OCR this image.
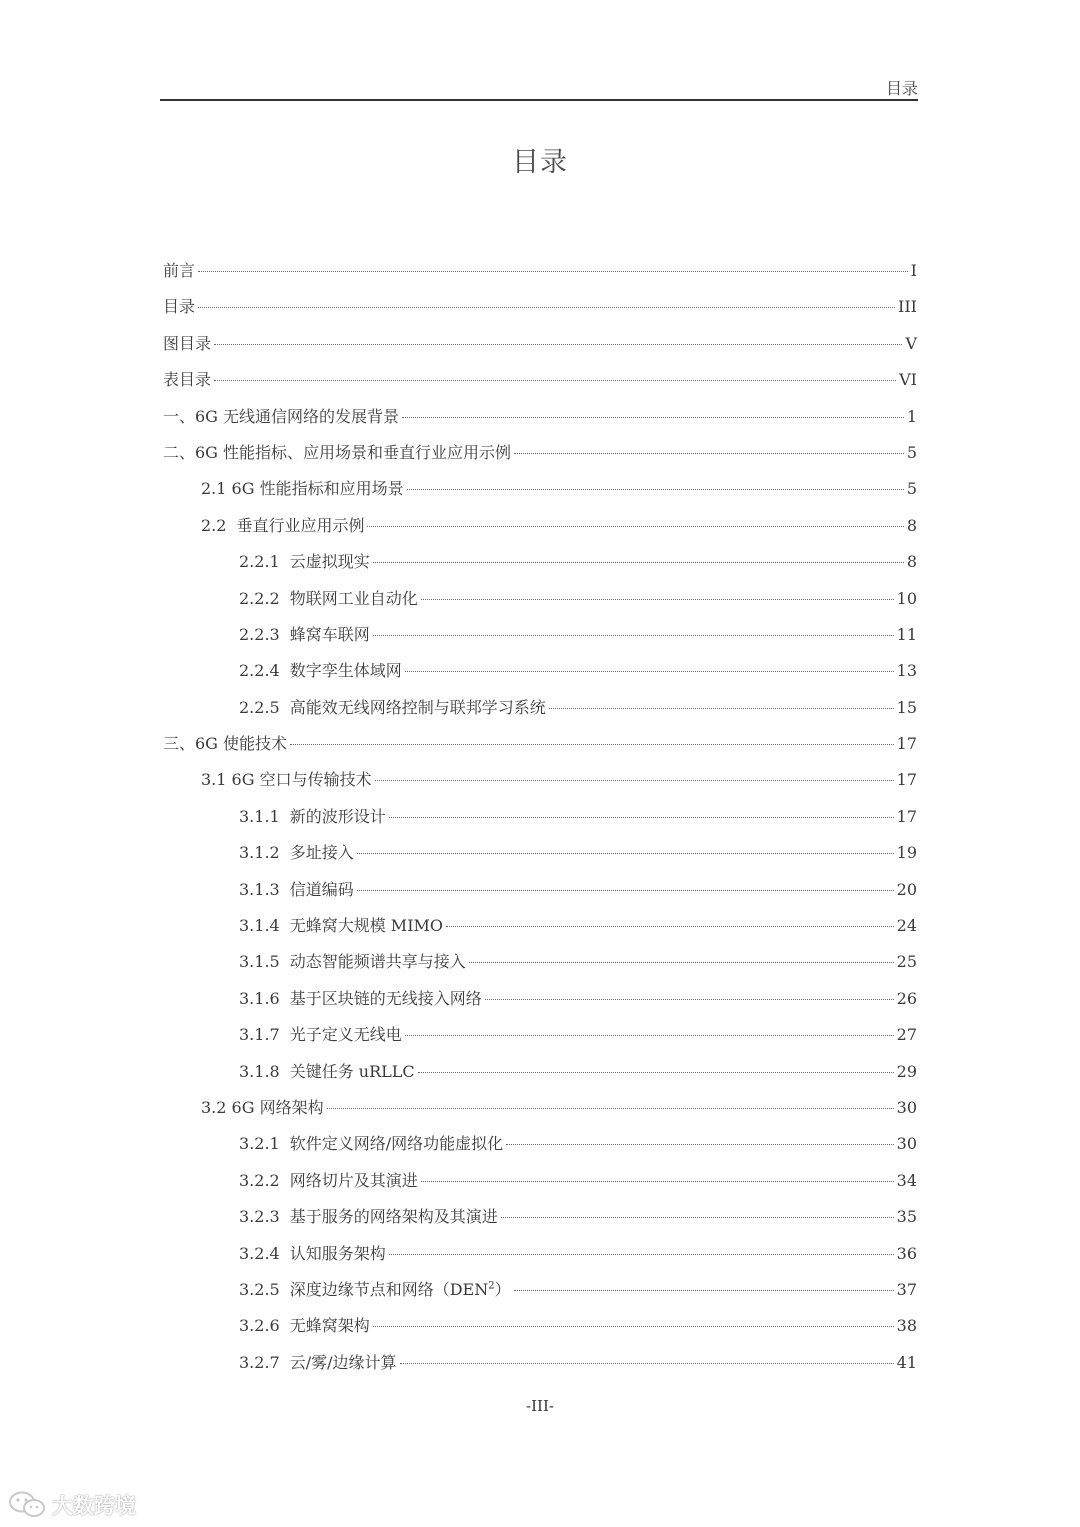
目录
目录
前言	I
目录	III
图目录	V
表目录	VI
一、6G 无线通信网络的发展背景	1
二、6G 性能指标、应用场景和垂直行业应用示例	5
2.1 6G 性能指标和应用场景	5
2.2 垂直行业应用示例	8
2.2.1 云虚拟现实	8
2.2.2 物联网工业自动化	10
2.2.3 蜂窝车联网	11
2.2.4 数字孪生体域网	13
2.2.5 高能效无线网络控制与联邦学习系统	15
三、6G 使能技术	17
3.1 6G 空口与传输技术	17
3.1.1 新的波形设计	17
3.1.2 多址接入	19
3.1.3 信道编码	20
3.1.4 无蜂窝大规模 MIMO	24
3.1.5 动态智能频谱共享与接入	25
3.1.6 基于区块链的无线接入网络	26
3.1.7 光子定义无线电	27
3.1.8 关键任务 uRLLC	29
3.2 6G 网络架构	30
3.2.1 软件定义网络/网络功能虚拟化	30
3.2.2 网络切片及其演进	34
3.2.3 基于服务的网络架构及其演进	35
3.2.4 认知服务架构	36
3.2.5 深度边缘节点和网络（DEN$^2$）	37
3.2.6 无蜂窝架构	38
3.2.7 云/雾/边缘计算	41
-III-
大数跨境
